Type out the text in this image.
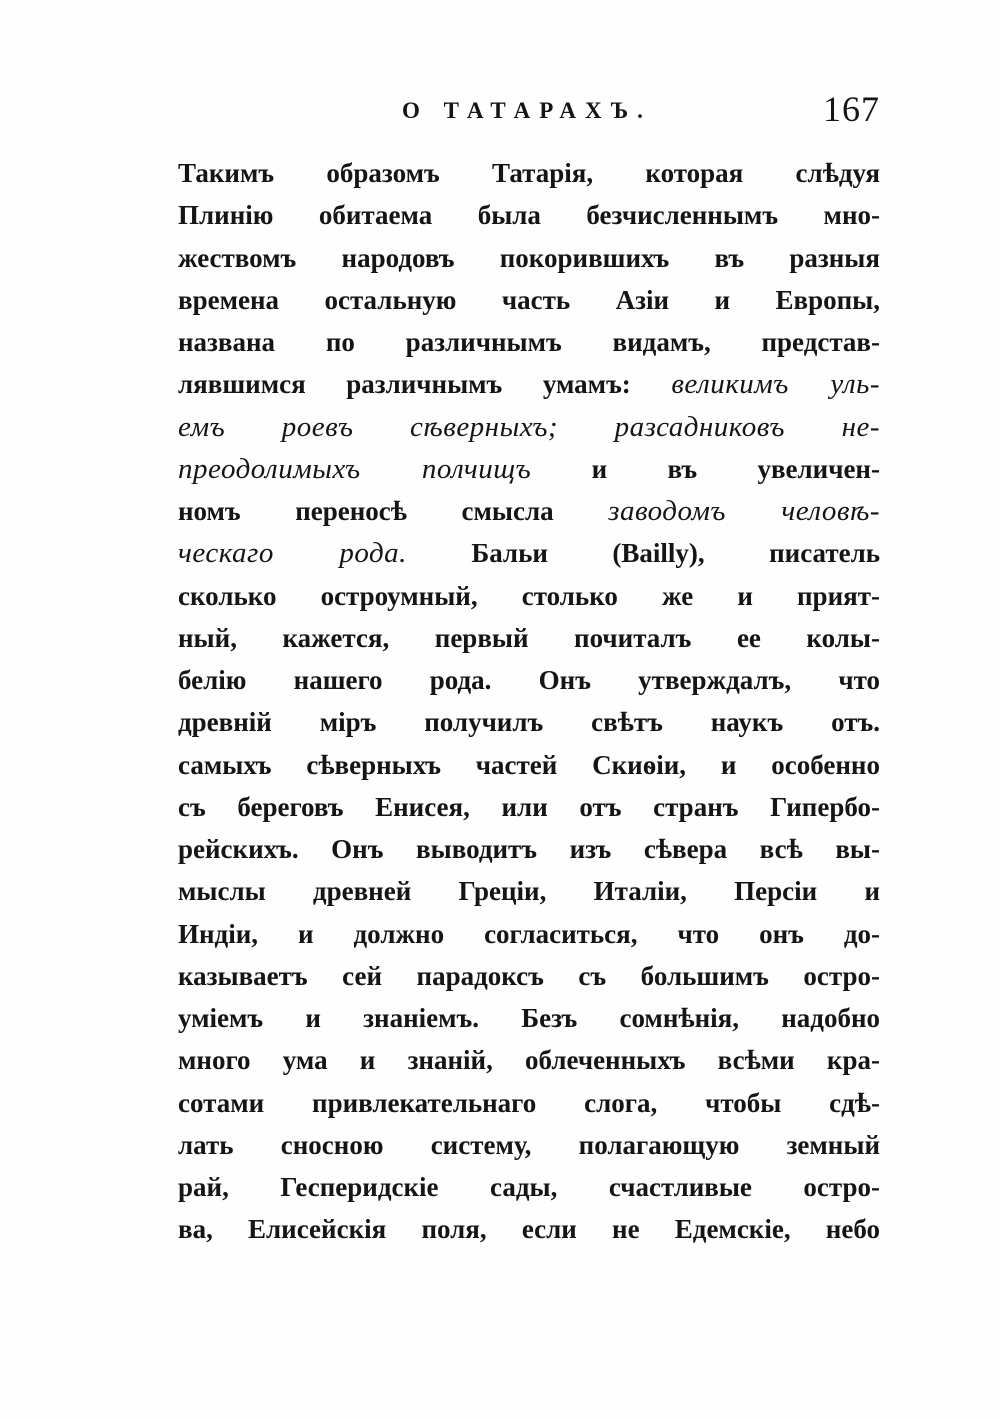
О ТАТАРАХЪ.	167
Такимъ образомъ Татарiя, которая слѣдуя
Плинiю обитаема была безчисленнымъ мно-
жествомъ народовъ покорившихъ въ разныя
времена остальную часть Азiи и Европы,
названа по различнымъ видамъ, представ-
лявшимся различнымъ умамъ: великимъ уль-
емъ роевъ сѣверныхъ; разсадниковъ не-
преодолимыхъ полчищъ и въ увеличен-
номъ переносѣ смысла заводомъ человѣ-
ческаго рода. Бальи (Bailly), писатель
сколько остроумный, столько же и прият-
ный, кажется, первый почиталъ ее колы-
белiю нашего рода. Онъ утверждалъ, что
древнiй мiръ получилъ свѣтъ наукъ отъ.
самыхъ сѣверныхъ частей Скиѳiи, и особенно
съ береговъ Енисея, или отъ странъ Гипербо-
рейскихъ. Онъ выводитъ изъ сѣвера всѣ вы-
мыслы древней Грецiи, Италiи, Персiи и
Индiи, и должно согласиться, что онъ до-
казываетъ сей парадоксъ съ большимъ остро-
умiемъ и знанiемъ. Безъ сомнѣнiя, надобно
много ума и знанiй, облеченныхъ всѣми кра-
сотами привлекательнаго слога, чтобы сдѣ-
лать сносною систему, полагающую земный
рай, Гесперидскiе сады, счастливые остро-
ва, Елисейскiя поля, если не Едемскiе, небо
